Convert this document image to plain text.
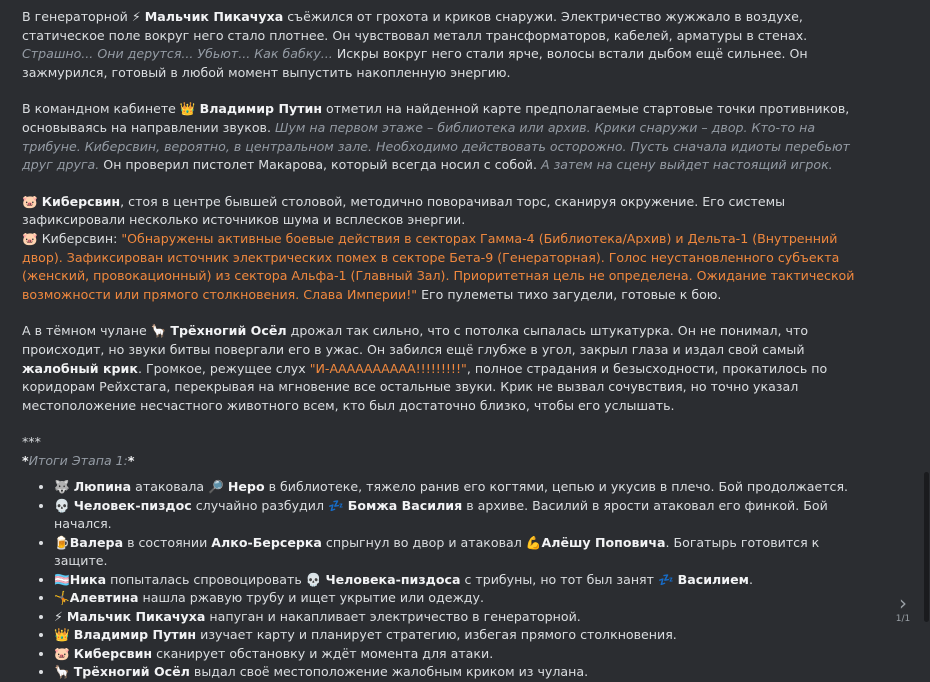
В генераторной ⚡ Мальчик Пикачуха съёжился от грохота и криков снаружи. Электричество жужжало в воздухе, статическое поле вокруг него стало плотнее. Он чувствовал металл трансформаторов, кабелей, арматуры в стенах. Страшно... Они дерутся... Убьют... Как бабку... Искры вокруг него стали ярче, волосы встали дыбом ещё сильнее. Он зажмурился, готовый в любой момент выпустить накопленную энергию.

В командном кабинете 👑 Владимир Путин отметил на найденной карте предполагаемые стартовые точки противников, основываясь на направлении звуков. Шум на первом этаже – библиотека или архив. Крики снаружи – двор. Кто-то на трибуне. Киберсвин, вероятно, в центральном зале. Необходимо действовать осторожно. Пусть сначала идиоты перебьют друг друга. Он проверил пистолет Макарова, который всегда носил с собой. А затем на сцену выйдет настоящий игрок.

🐷 Киберсвин, стоя в центре бывшей столовой, методично поворачивал торс, сканируя окружение. Его системы зафиксировали несколько источников шума и всплесков энергии.
🐷 Киберсвин: "Обнаружены активные боевые действия в секторах Гамма-4 (Библиотека/Архив) и Дельта-1 (Внутренний двор). Зафиксирован источник электрических помех в секторе Бета-9 (Генераторная). Голос неустановленного субъекта (женский, провокационный) из сектора Альфа-1 (Главный Зал). Приоритетная цель не определена. Ожидание тактической возможности или прямого столкновения. Слава Империи!" Его пулеметы тихо загудели, готовые к бою.

А в тёмном чулане 🦙 Трёхногий Осёл дрожал так сильно, что с потолка сыпалась штукатурка. Он не понимал, что происходит, но звуки битвы повергали его в ужас. Он забился ещё глубже в угол, закрыл глаза и издал свой самый жалобный крик. Громкое, режущее слух "И-АААААААААА!!!!!!!!!", полное страдания и безысходности, прокатилось по коридорам Рейхстага, перекрывая на мгновение все остальные звуки. Крик не вызвал сочувствия, но точно указал местоположение несчастного животного всем, кто был достаточно близко, чтобы его услышать.

***
*Итоги Этапа 1:*
• 🐺 Люпина атаковала 🔎 Неро в библиотеке, тяжело ранив его когтями, цепью и укусив в плечо. Бой продолжается.
• 💀 Человек-пиздос случайно разбудил 💤 Бомжа Василия в архиве. Василий в ярости атаковал его финкой. Бой начался.
• 🍺Валера в состоянии Алко-Берсерка спрыгнул во двор и атаковал 💪Алёшу Поповича. Богатырь готовится к защите.
• 🏳️‍⚧️Ника попыталась спровоцировать 💀 Человека-пиздоса с трибуны, но тот был занят 💤 Василием.
• 🤸Алевтина нашла ржавую трубу и ищет укрытие или одежду.
• ⚡ Мальчик Пикачуха напуган и накапливает электричество в генераторной.
• 👑 Владимир Путин изучает карту и планирует стратегию, избегая прямого столкновения.
• 🐷 Киберсвин сканирует обстановку и ждёт момента для атаки.
• 🦙 Трёхногий Осёл выдал своё местоположение жалобным криком из чулана.
›
1/1
